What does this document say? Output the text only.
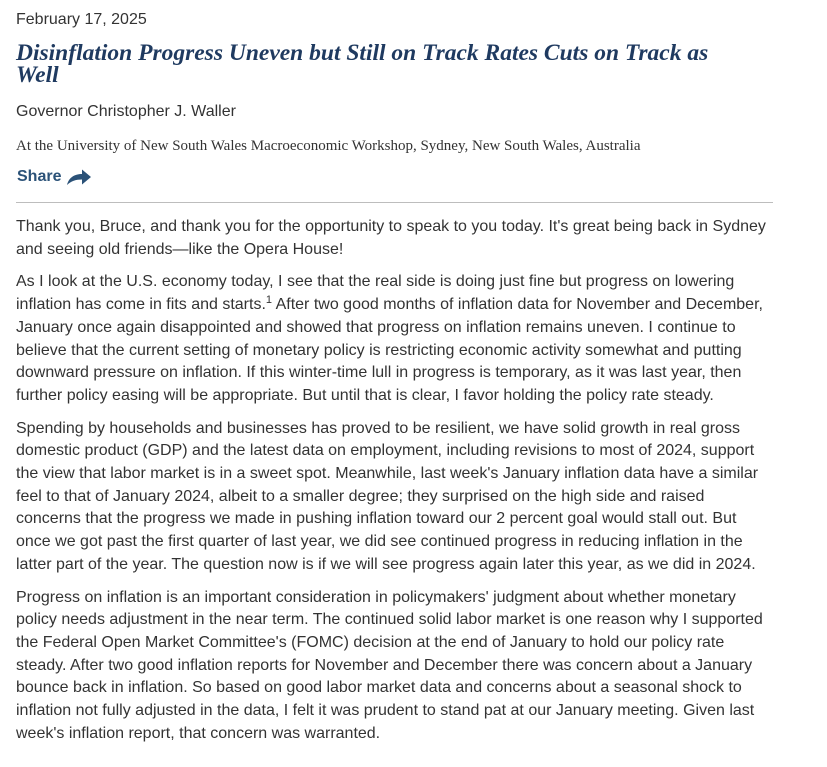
February 17, 2025

Disinflation Progress Uneven but Still on Track Rates Cuts on Track as Well

Governor Christopher J. Waller

At the University of New South Wales Macroeconomic Workshop, Sydney, New South Wales, Australia

Share

Thank you, Bruce, and thank you for the opportunity to speak to you today. It's great being back in Sydney and seeing old friends—like the Opera House!

As I look at the U.S. economy today, I see that the real side is doing just fine but progress on lowering inflation has come in fits and starts.$^1$ After two good months of inflation data for November and December, January once again disappointed and showed that progress on inflation remains uneven. I continue to believe that the current setting of monetary policy is restricting economic activity somewhat and putting downward pressure on inflation. If this winter-time lull in progress is temporary, as it was last year, then further policy easing will be appropriate. But until that is clear, I favor holding the policy rate steady.

Spending by households and businesses has proved to be resilient, we have solid growth in real gross domestic product (GDP) and the latest data on employment, including revisions to most of 2024, support the view that labor market is in a sweet spot. Meanwhile, last week's January inflation data have a similar feel to that of January 2024, albeit to a smaller degree; they surprised on the high side and raised concerns that the progress we made in pushing inflation toward our 2 percent goal would stall out. But once we got past the first quarter of last year, we did see continued progress in reducing inflation in the latter part of the year. The question now is if we will see progress again later this year, as we did in 2024.

Progress on inflation is an important consideration in policymakers' judgment about whether monetary policy needs adjustment in the near term. The continued solid labor market is one reason why I supported the Federal Open Market Committee's (FOMC) decision at the end of January to hold our policy rate steady. After two good inflation reports for November and December there was concern about a January bounce back in inflation. So based on good labor market data and concerns about a seasonal shock to inflation not fully adjusted in the data, I felt it was prudent to stand pat at our January meeting. Given last week's inflation report, that concern was warranted.
